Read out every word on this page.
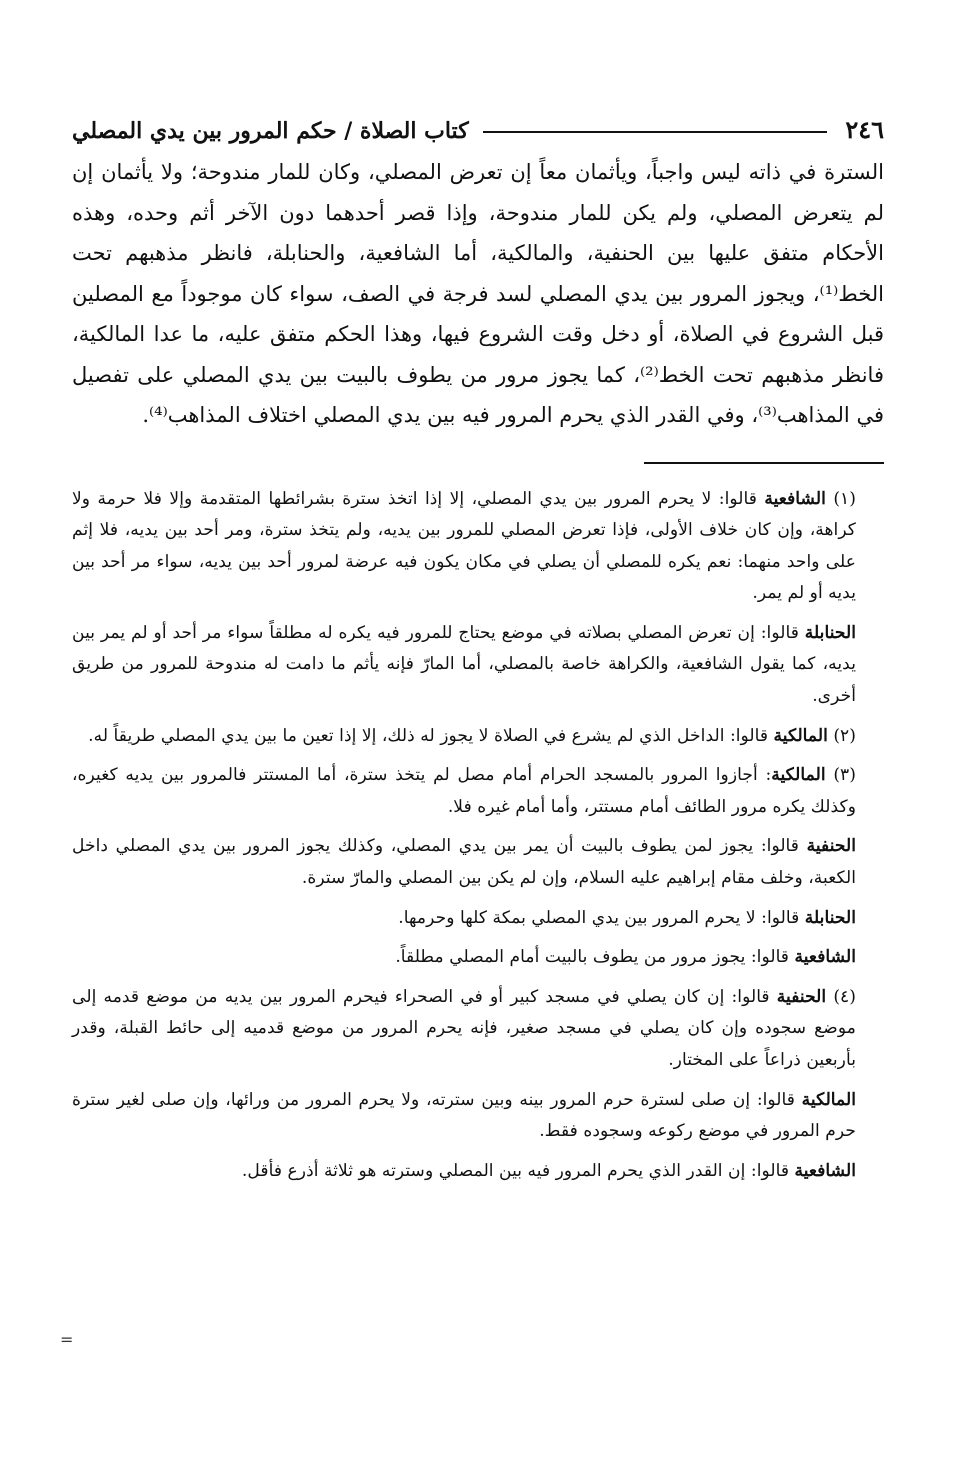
٢٤٦
كتاب الصلاة / حكم المرور بين يدي المصلي

السترة في ذاته ليس واجباً، ويأثمان معاً إن تعرض المصلي، وكان للمار مندوحة؛ ولا يأثمان إن لم يتعرض المصلي، ولم يكن للمار مندوحة، وإذا قصر أحدهما دون الآخر أثم وحده، وهذه الأحكام متفق عليها بين الحنفية، والمالكية، أما الشافعية، والحنابلة، فانظر مذهبهم تحت الخط⁽¹⁾، ويجوز المرور بين يدي المصلي لسد فرجة في الصف، سواء كان موجوداً مع المصلين قبل الشروع في الصلاة، أو دخل وقت الشروع فيها، وهذا الحكم متفق عليه، ما عدا المالكية، فانظر مذهبهم تحت الخط⁽²⁾، كما يجوز مرور من يطوف بالبيت بين يدي المصلي على تفصيل في المذاهب⁽³⁾، وفي القدر الذي يحرم المرور فيه بين يدي المصلي اختلاف المذاهب⁽⁴⁾.

(١) الشافعية قالوا: لا يحرم المرور بين يدي المصلي، إلا إذا اتخذ سترة بشرائطها المتقدمة وإلا فلا حرمة ولا كراهة، وإن كان خلاف الأولى، فإذا تعرض المصلي للمرور بين يديه، ولم يتخذ سترة، ومر أحد بين يديه، فلا إثم على واحد منهما: نعم يكره للمصلي أن يصلي في مكان يكون فيه عرضة لمرور أحد بين يديه، سواء مر أحد بين يديه أو لم يمر.

الحنابلة قالوا: إن تعرض المصلي بصلاته في موضع يحتاج للمرور فيه يكره له مطلقاً سواء مر أحد أو لم يمر بين يديه، كما يقول الشافعية، والكراهة خاصة بالمصلي، أما المارّ فإنه يأثم ما دامت له مندوحة للمرور من طريق أخرى.

(٢) المالكية قالوا: الداخل الذي لم يشرع في الصلاة لا يجوز له ذلك، إلا إذا تعين ما بين يدي المصلي طريقاً له.

(٣) المالكية: أجازوا المرور بالمسجد الحرام أمام مصل لم يتخذ سترة، أما المستتر فالمرور بين يديه كغيره، وكذلك يكره مرور الطائف أمام مستتر، وأما أمام غيره فلا.

الحنفية قالوا: يجوز لمن يطوف بالبيت أن يمر بين يدي المصلي، وكذلك يجوز المرور بين يدي المصلي داخل الكعبة، وخلف مقام إبراهيم عليه السلام، وإن لم يكن بين المصلي والمارّ سترة.

الحنابلة قالوا: لا يحرم المرور بين يدي المصلي بمكة كلها وحرمها.

الشافعية قالوا: يجوز مرور من يطوف بالبيت أمام المصلي مطلقاً.

(٤) الحنفية قالوا: إن كان يصلي في مسجد كبير أو في الصحراء فيحرم المرور بين يديه من موضع قدمه إلى موضع سجوده وإن كان يصلي في مسجد صغير، فإنه يحرم المرور من موضع قدميه إلى حائط القبلة، وقدر بأربعين ذراعاً على المختار.

المالكية قالوا: إن صلى لسترة حرم المرور بينه وبين سترته، ولا يحرم المرور من ورائها، وإن صلى لغير سترة حرم المرور في موضع ركوعه وسجوده فقط.

الشافعية قالوا: إن القدر الذي يحرم المرور فيه بين المصلي وسترته هو ثلاثة أذرع فأقل.

=
